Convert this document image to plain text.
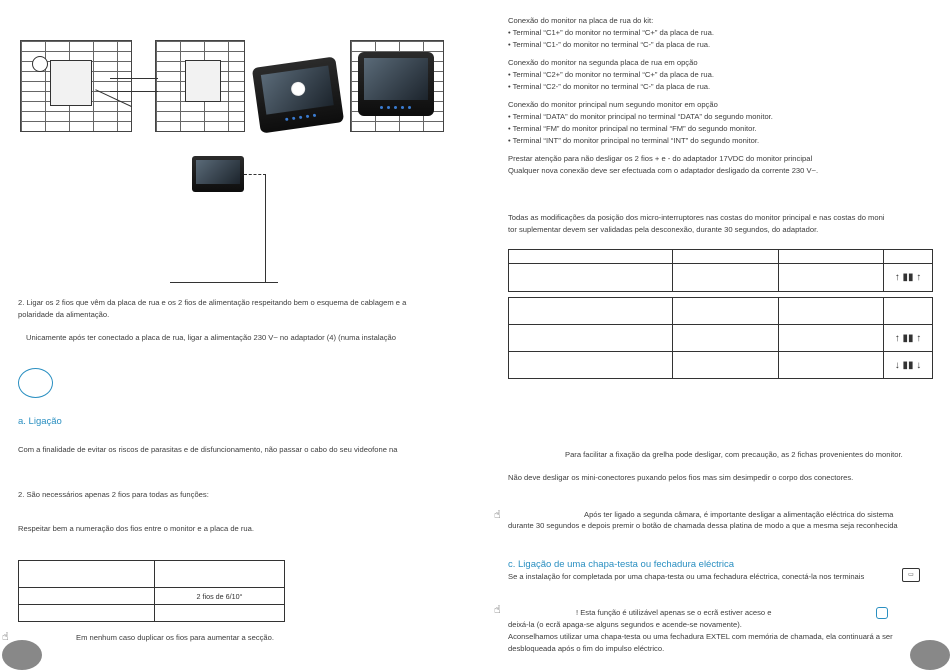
2. Ligar os 2 fios que vêm da placa de rua e os 2 fios de alimentação respeitando bem o esquema de cablagem e a
polaridade da alimentação.
Unicamente após ter conectado a placa de rua, ligar a alimentação 230 V~ no adaptador (4) (numa instalação
a. Ligação
Com a finalidade de evitar os riscos de parasitas e de disfuncionamento, não passar o cabo do seu videofone na
2. São necessários apenas 2 fios para todas as funções:
Respeitar bem a numeração dos fios entre o monitor e a placa de rua.

	2 fios de 6/10°

☝	Em nenhum caso duplicar os fios para aumentar a secção.
Conexão do monitor na placa de rua do kit:
• Terminal “C1+” do monitor no terminal “C+” da placa de rua.
• Terminal “C1-” do monitor no terminal “C-” da placa de rua.
Conexão do monitor na segunda placa de rua em opção
• Terminal “C2+” do monitor no terminal “C+” da placa de rua.
• Terminal “C2-” do monitor no terminal “C-” da placa de rua.
Conexão do monitor principal num segundo monitor em opção
• Terminal “DATA” do monitor principal no terminal “DATA” do segundo monitor.
• Terminal “FM” do monitor principal no terminal “FM” do segundo monitor.
• Terminal “INT” do monitor principal no terminal “INT” do segundo monitor.
Prestar atenção para não desligar os 2 fios + e - do adaptador 17VDC do monitor principal
Qualquer nova conexão deve ser efectuada com o adaptador desligado da corrente 230 V~.
Todas as modificações da posição dos micro-interruptores nas costas do monitor principal e nas costas do moni
tor suplementar devem ser validadas pela desconexão, durante 30 segundos, do adaptador.

			↑ ▮▮ ↑

			↑ ▮▮ ↑
			↓ ▮▮ ↓
Para facilitar a fixação da grelha pode desligar, com precaução, as 2 fichas provenientes do monitor.
Não deve desligar os mini-conectores puxando pelos fios mas sim desimpedir o corpo dos conectores.
☝	Após ter ligado a segunda câmara, é importante desligar a alimentação eléctrica do sistema
durante 30 segundos e depois premir o botão de chamada dessa platina de modo a que a mesma seja reconhecida
c. Ligação de uma chapa-testa ou fechadura eléctrica
Se a instalação for completada por uma chapa-testa ou uma fechadura eléctrica, conectá-la nos terminais	▭
☝	! Esta função é utilizável apenas se o ecrã estiver aceso e
deixá-la (o ecrã apaga-se alguns segundos e acende-se novamente).
Aconselhamos utilizar uma chapa-testa ou uma fechadura EXTEL com memória de chamada, ela continuará a ser
desbloqueada após o fim do impulso eléctrico.
